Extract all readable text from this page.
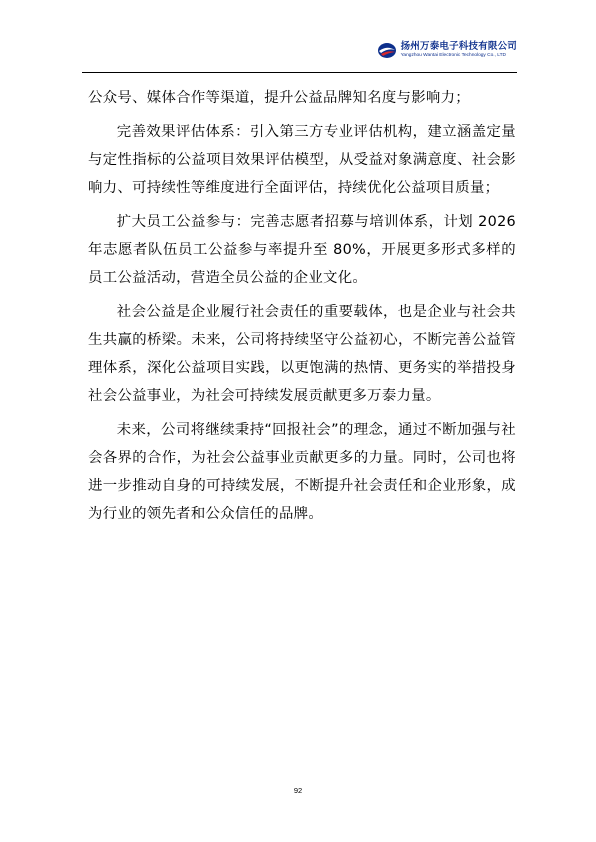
扬州万泰电子科技有限公司
Yangzhou Wantai Electronic Technology Co., LTD

公众号、媒体合作等渠道，提升公益品牌知名度与影响力；

完善效果评估体系：引入第三方专业评估机构，建立涵盖定量与定性指标的公益项目效果评估模型，从受益对象满意度、社会影响力、可持续性等维度进行全面评估，持续优化公益项目质量；

扩大员工公益参与：完善志愿者招募与培训体系，计划 2026 年志愿者队伍员工公益参与率提升至 80%，开展更多形式多样的员工公益活动，营造全员公益的企业文化。

社会公益是企业履行社会责任的重要载体，也是企业与社会共生共赢的桥梁。未来，公司将持续坚守公益初心，不断完善公益管理体系，深化公益项目实践，以更饱满的热情、更务实的举措投身社会公益事业，为社会可持续发展贡献更多万泰力量。

未来，公司将继续秉持“回报社会”的理念，通过不断加强与社会各界的合作，为社会公益事业贡献更多的力量。同时，公司也将进一步推动自身的可持续发展，不断提升社会责任和企业形象，成为行业的领先者和公众信任的品牌。

92
